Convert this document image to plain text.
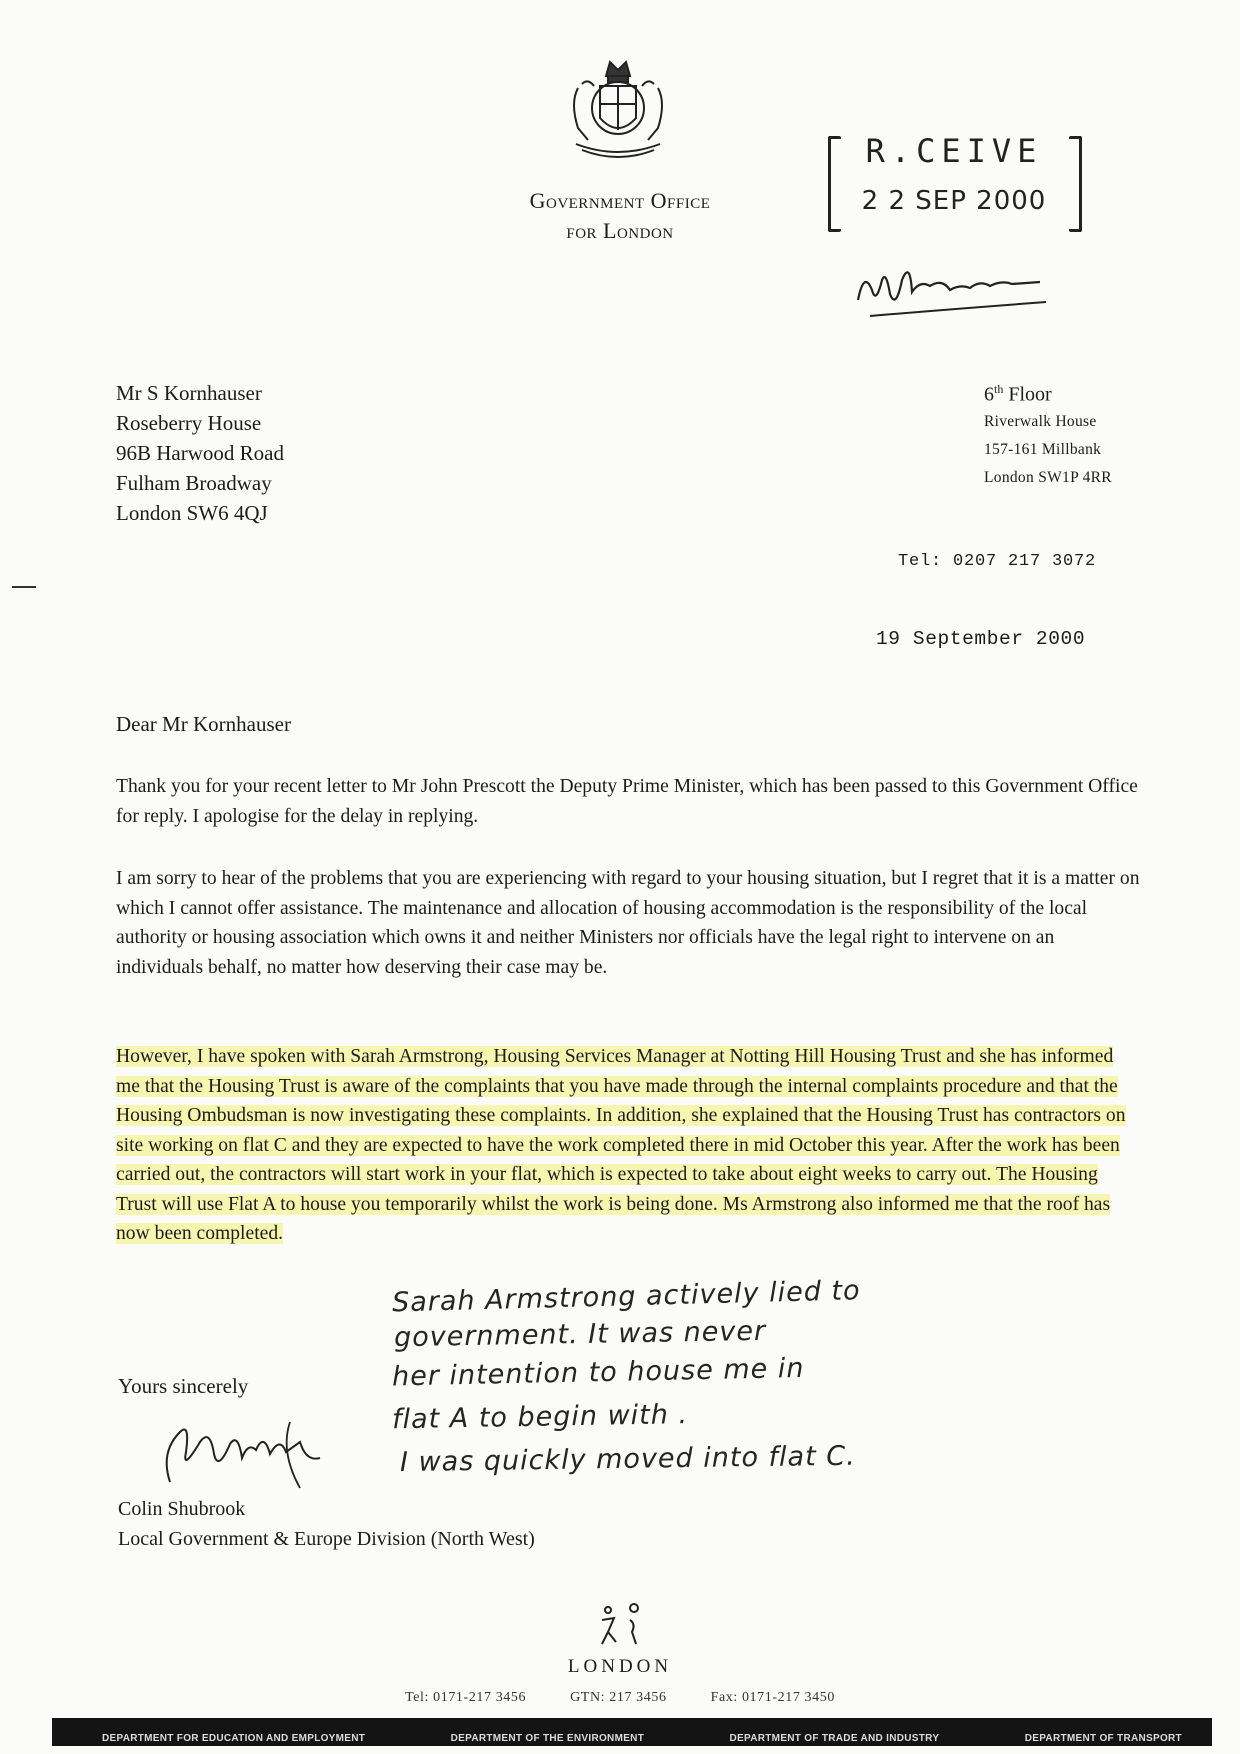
Government Office
for London
R.CEIVE
2 2 SEP 2000
Mr S Kornhauser
Roseberry House
96B Harwood Road
Fulham Broadway
London SW6 4QJ
6th Floor
Riverwalk House
157-161 Millbank
London SW1P 4RR
Tel: 0207 217 3072
19 September 2000
Dear Mr Kornhauser
Thank you for your recent letter to Mr John Prescott the Deputy Prime Minister, which has been passed to this Government Office for reply. I apologise for the delay in replying.
I am sorry to hear of the problems that you are experiencing with regard to your housing situation, but I regret that it is a matter on which I cannot offer assistance. The maintenance and allocation of housing accommodation is the responsibility of the local authority or housing association which owns it and neither Ministers nor officials have the legal right to intervene on an individuals behalf, no matter how deserving their case may be.
However, I have spoken with Sarah Armstrong, Housing Services Manager at Notting Hill Housing Trust and she has informed me that the Housing Trust is aware of the complaints that you have made through the internal complaints procedure and that the Housing Ombudsman is now investigating these complaints. In addition, she explained that the Housing Trust has contractors on site working on flat C and they are expected to have the work completed there in mid October this year. After the work has been carried out, the contractors will start work in your flat, which is expected to take about eight weeks to carry out. The Housing Trust will use Flat A to house you temporarily whilst the work is being done. Ms Armstrong also informed me that the roof has now been completed.
Sarah Armstrong actively lied to
government. It was never
her intention to house me in
flat A to begin with .
I was quickly moved into flat C.
Yours sincerely
Colin Shubrook
Local Government & Europe Division (North West)
LONDON
Tel: 0171-217 3456	GTN: 217 3456	Fax: 0171-217 3450
DEPARTMENT FOR EDUCATION AND EMPLOYMENT	DEPARTMENT OF THE ENVIRONMENT	DEPARTMENT OF TRADE AND INDUSTRY	DEPARTMENT OF TRANSPORT
